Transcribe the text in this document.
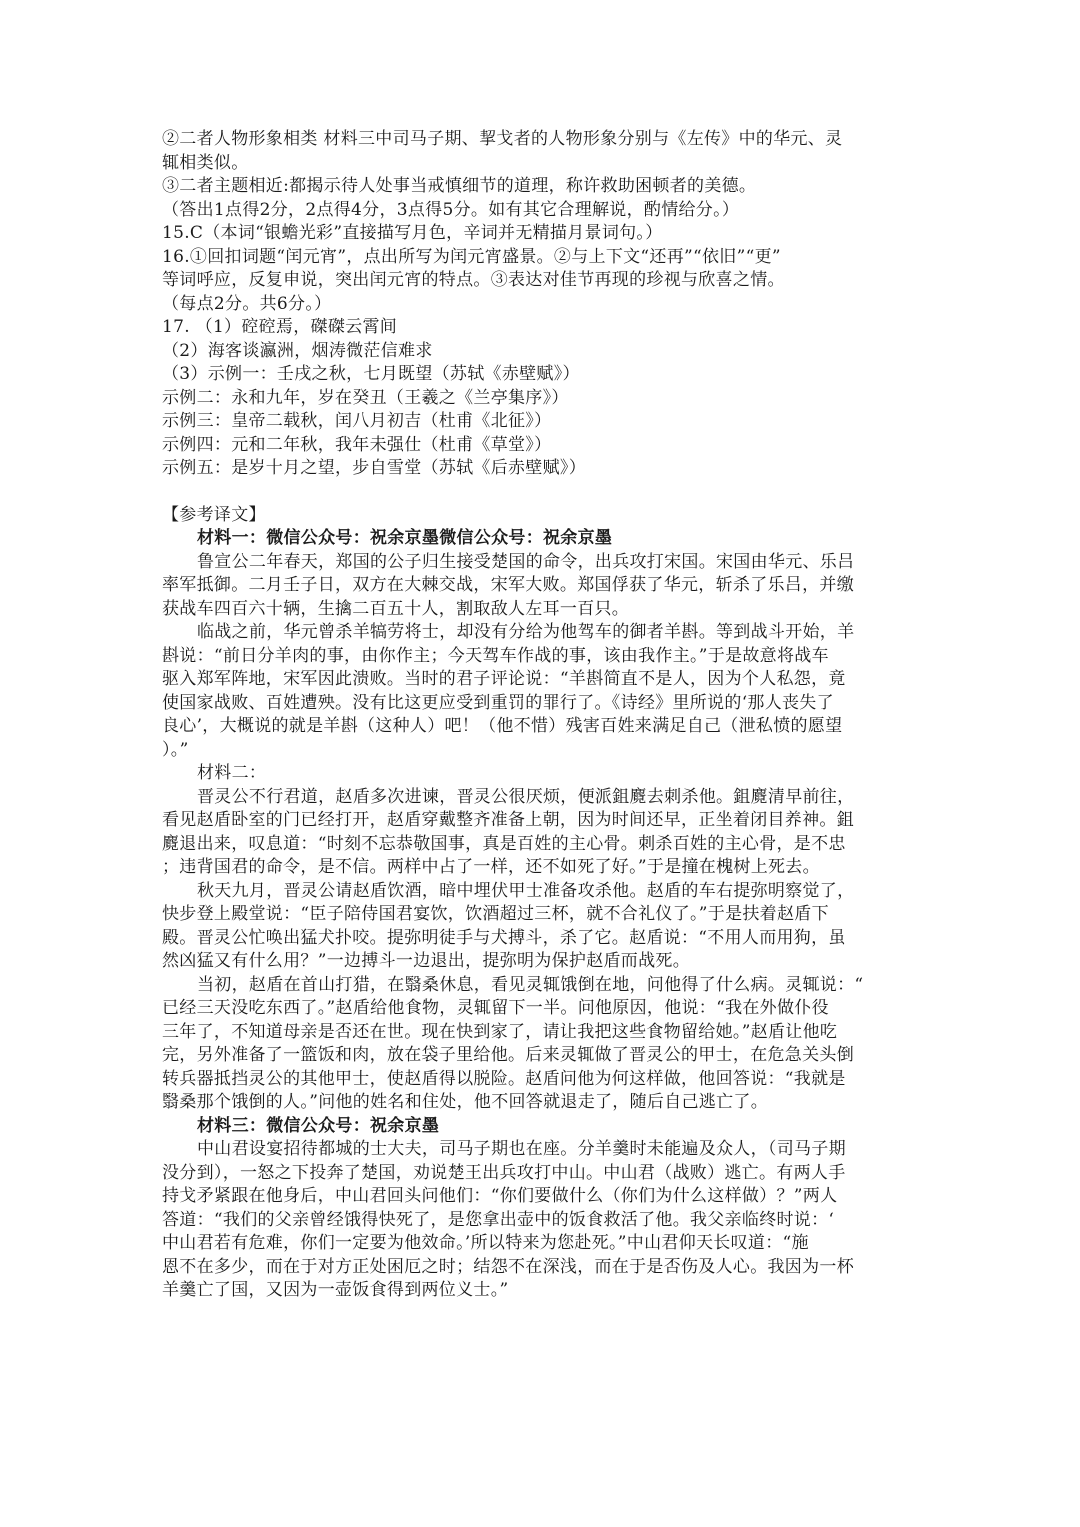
②二者人物形象相类 材料三中司马子期、挈戈者的人物形象分别与《左传》中的华元、灵
辄相类似。
③二者主题相近:都揭示待人处事当戒慎细节的道理，称许救助困顿者的美德。
（答出1点得2分，2点得4分，3点得5分。如有其它合理解说，酌情给分。）
15.C（本词“银蟾光彩”直接描写月色，辛词并无精描月景词句。）
16.①回扣词题“闰元宵”，点出所写为闰元宵盛景。②与上下文“还再”“依旧”“更”
等词呼应，反复申说，突出闰元宵的特点。③表达对佳节再现的珍视与欣喜之情。
（每点2分。共6分。）
17. （1）硿硿焉，磔磔云霄间
（2）海客谈瀛洲，烟涛微茫信难求
（3）示例一：壬戌之秋，七月既望（苏轼《赤壁赋》）
示例二：永和九年，岁在癸丑（王羲之《兰亭集序》）
示例三：皇帝二载秋，闰八月初吉（杜甫《北征》）
示例四：元和二年秋，我年未强仕（杜甫《草堂》）
示例五：是岁十月之望，步自雪堂（苏轼《后赤壁赋》）
【参考译文】
材料一：微信公众号：祝余京墨微信公众号：祝余京墨
鲁宣公二年春天，郑国的公子归生接受楚国的命令，出兵攻打宋国。宋国由华元、乐吕
率军抵御。二月壬子日，双方在大棘交战，宋军大败。郑国俘获了华元，斩杀了乐吕，并缴
获战车四百六十辆，生擒二百五十人，割取敌人左耳一百只。
临战之前，华元曾杀羊犒劳将士，却没有分给为他驾车的御者羊斟。等到战斗开始，羊
斟说：“前日分羊肉的事，由你作主；今天驾车作战的事，该由我作主。”于是故意将战车
驱入郑军阵地，宋军因此溃败。当时的君子评论说：“羊斟简直不是人，因为个人私怨，竟
使国家战败、百姓遭殃。没有比这更应受到重罚的罪行了。《诗经》里所说的‘那人丧失了
良心’，大概说的就是羊斟（这种人）吧！（他不惜）残害百姓来满足自己（泄私愤的愿望
）。”
材料二：
晋灵公不行君道，赵盾多次进谏，晋灵公很厌烦，便派鉏麑去刺杀他。鉏麑清早前往，
看见赵盾卧室的门已经打开，赵盾穿戴整齐准备上朝，因为时间还早，正坐着闭目养神。鉏
麑退出来，叹息道：“时刻不忘恭敬国事，真是百姓的主心骨。刺杀百姓的主心骨，是不忠
；违背国君的命令，是不信。两样中占了一样，还不如死了好。”于是撞在槐树上死去。
秋天九月，晋灵公请赵盾饮酒，暗中埋伏甲士准备攻杀他。赵盾的车右提弥明察觉了，
快步登上殿堂说：“臣子陪侍国君宴饮，饮酒超过三杯，就不合礼仪了。”于是扶着赵盾下
殿。晋灵公忙唤出猛犬扑咬。提弥明徒手与犬搏斗，杀了它。赵盾说：“不用人而用狗，虽
然凶猛又有什么用？”一边搏斗一边退出，提弥明为保护赵盾而战死。
当初，赵盾在首山打猎，在翳桑休息，看见灵辄饿倒在地，问他得了什么病。灵辄说：“
已经三天没吃东西了。”赵盾给他食物，灵辄留下一半。问他原因，他说：“我在外做仆役
三年了，不知道母亲是否还在世。现在快到家了，请让我把这些食物留给她。”赵盾让他吃
完，另外准备了一篮饭和肉，放在袋子里给他。后来灵辄做了晋灵公的甲士，在危急关头倒
转兵器抵挡灵公的其他甲士，使赵盾得以脱险。赵盾问他为何这样做，他回答说：“我就是
翳桑那个饿倒的人。”问他的姓名和住处，他不回答就退走了，随后自己逃亡了。
材料三：微信公众号：祝余京墨
中山君设宴招待都城的士大夫，司马子期也在座。分羊羹时未能遍及众人，（司马子期
没分到），一怒之下投奔了楚国，劝说楚王出兵攻打中山。中山君（战败）逃亡。有两人手
持戈矛紧跟在他身后，中山君回头问他们：“你们要做什么（你们为什么这样做）？”两人
答道：“我们的父亲曾经饿得快死了，是您拿出壶中的饭食救活了他。我父亲临终时说：‘
中山君若有危难，你们一定要为他效命。’所以特来为您赴死。”中山君仰天长叹道：“施
恩不在多少，而在于对方正处困厄之时；结怨不在深浅，而在于是否伤及人心。我因为一杯
羊羹亡了国，又因为一壶饭食得到两位义士。”
